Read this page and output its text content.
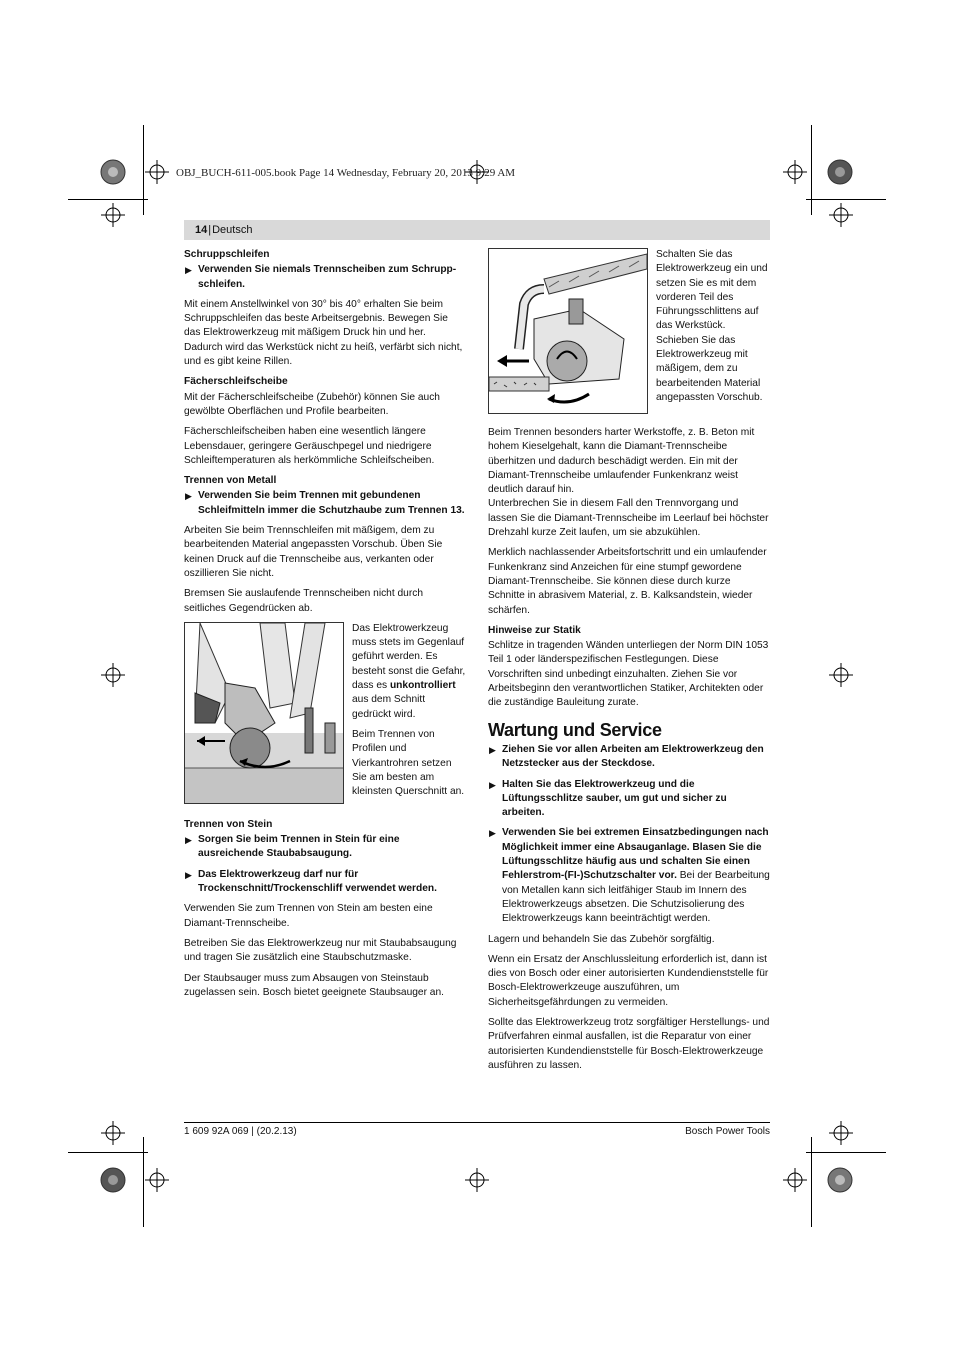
OBJ_BUCH-611-005.book Page 14 Wednesday, February 20, 2013 9:29 AM
14|Deutsch
Schruppschleifen
▶ Verwenden Sie niemals Trennscheiben zum Schrupp-schleifen.

Mit einem Anstellwinkel von 30° bis 40° erhalten Sie beim Schruppschleifen das beste Arbeitsergebnis. Bewegen Sie das Elektrowerkzeug mit mäßigem Druck hin und her. Dadurch wird das Werkstück nicht zu heiß, verfärbt sich nicht, und es gibt keine Rillen.

Fächerschleifscheibe

Mit der Fächerschleifscheibe (Zubehör) können Sie auch gewölbte Oberflächen und Profile bearbeiten.

Fächerschleifscheiben haben eine wesentlich längere Lebensdauer, geringere Geräuschpegel und niedrigere Schleiftemperaturen als herkömmliche Schleifscheiben.

Trennen von Metall
▶ Verwenden Sie beim Trennen mit gebundenen Schleifmitteln immer die Schutzhaube zum Trennen 13.

Arbeiten Sie beim Trennschleifen mit mäßigem, dem zu bearbeitenden Material angepassten Vorschub. Üben Sie keinen Druck auf die Trennscheibe aus, verkanten oder oszillieren Sie nicht.

Bremsen Sie auslaufende Trennscheiben nicht durch seitliches Gegendrücken ab.

Das Elektrowerkzeug muss stets im Gegenlauf geführt werden. Es besteht sonst die Gefahr, dass es unkontrolliert aus dem Schnitt gedrückt wird.

Beim Trennen von Profilen und Vierkantrohren setzen Sie am besten am kleinsten Querschnitt an.

Trennen von Stein
▶ Sorgen Sie beim Trennen in Stein für eine ausreichende Staubabsaugung.
▶ Das Elektrowerkzeug darf nur für Trockenschnitt/Trockenschliff verwendet werden.

Verwenden Sie zum Trennen von Stein am besten eine Diamant-Trennscheibe.

Betreiben Sie das Elektrowerkzeug nur mit Staubabsaugung und tragen Sie zusätzlich eine Staubschutzmaske.

Der Staubsauger muss zum Absaugen von Steinstaub zugelassen sein. Bosch bietet geeignete Staubsauger an.

Schalten Sie das Elektrowerkzeug ein und setzen Sie es mit dem vorderen Teil des Führungsschlittens auf das Werkstück. Schieben Sie das Elektrowerkzeug mit mäßigem, dem zu bearbeitenden Material angepassten Vorschub.

Beim Trennen besonders harter Werkstoffe, z. B. Beton mit hohem Kieselgehalt, kann die Diamant-Trennscheibe überhitzen und dadurch beschädigt werden. Ein mit der Diamant-Trennscheibe umlaufender Funkenkranz weist deutlich darauf hin.

Unterbrechen Sie in diesem Fall den Trennvorgang und lassen Sie die Diamant-Trennscheibe im Leerlauf bei höchster Drehzahl kurze Zeit laufen, um sie abzukühlen.

Merklich nachlassender Arbeitsfortschritt und ein umlaufender Funkenkranz sind Anzeichen für eine stumpf gewordene Diamant-Trennscheibe. Sie können diese durch kurze Schnitte in abrasivem Material, z. B. Kalksandstein, wieder schärfen.

Hinweise zur Statik

Schlitze in tragenden Wänden unterliegen der Norm DIN 1053 Teil 1 oder länderspezifischen Festlegungen. Diese Vorschriften sind unbedingt einzuhalten. Ziehen Sie vor Arbeitsbeginn den verantwortlichen Statiker, Architekten oder die zuständige Bauleitung zurate.

Wartung und Service
▶ Ziehen Sie vor allen Arbeiten am Elektrowerkzeug den Netzstecker aus der Steckdose.
▶ Halten Sie das Elektrowerkzeug und die Lüftungsschlitze sauber, um gut und sicher zu arbeiten.
▶ Verwenden Sie bei extremen Einsatzbedingungen nach Möglichkeit immer eine Absauganlage. Blasen Sie die Lüftungsschlitze häufig aus und schalten Sie einen Fehlerstrom-(FI-)Schutzschalter vor. Bei der Bearbeitung von Metallen kann sich leitfähiger Staub im Innern des Elektrowerkzeugs absetzen. Die Schutzisolierung des Elektrowerkzeugs kann beeinträchtigt werden.

Lagern und behandeln Sie das Zubehör sorgfältig.

Wenn ein Ersatz der Anschlussleitung erforderlich ist, dann ist dies von Bosch oder einer autorisierten Kundendienststelle für Bosch-Elektrowerkzeuge auszuführen, um Sicherheitsgefährdungen zu vermeiden.

Sollte das Elektrowerkzeug trotz sorgfältiger Herstellungs- und Prüfverfahren einmal ausfallen, ist die Reparatur von einer autorisierten Kundendienststelle für Bosch-Elektrowerkzeuge ausführen zu lassen.

1 609 92A 069 | (20.2.13)	Bosch Power Tools
